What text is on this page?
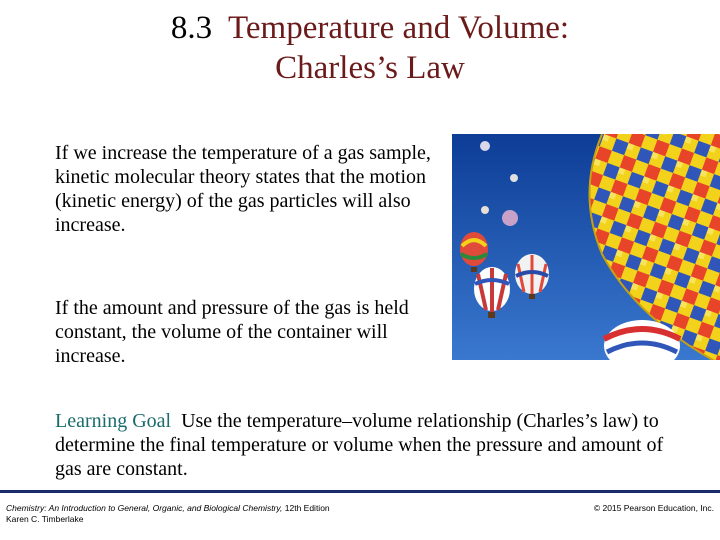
8.3 Temperature and Volume:
Charles’s Law
If we increase the temperature of a gas sample, kinetic molecular theory states that the motion (kinetic energy) of the gas particles will also increase.
If the amount and pressure of the gas is held constant, the volume of the container will increase.
Learning Goal Use the temperature–volume relationship (Charles’s law) to determine the final temperature or volume when the pressure and amount of gas are constant.
Chemistry: An Introduction to General, Organic, and Biological Chemistry, 12th Edition
Karen C. Timberlake
© 2015 Pearson Education, Inc.
